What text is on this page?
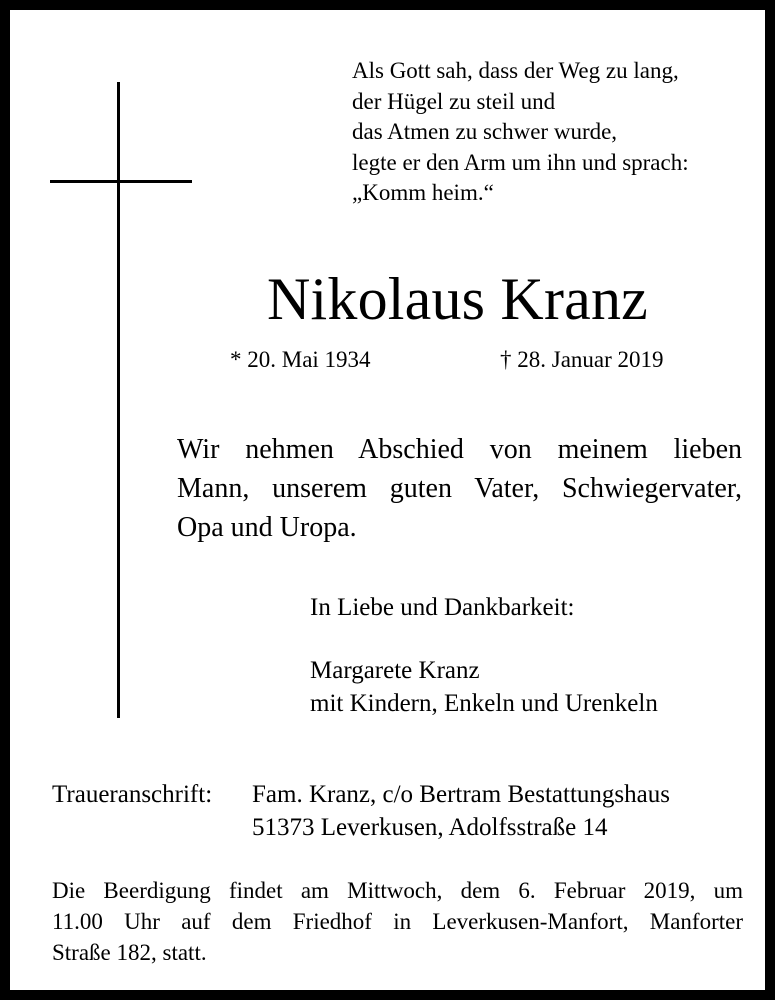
Als Gott sah, dass der Weg zu lang,
der Hügel zu steil und
das Atmen zu schwer wurde,
legte er den Arm um ihn und sprach:
„Komm heim.“
Nikolaus Kranz
* 20. Mai 1934	† 28. Januar 2019
Wir nehmen Abschied von meinem lieben
Mann, unserem guten Vater, Schwiegervater,
Opa und Uropa.
In Liebe und Dankbarkeit:
Margarete Kranz
mit Kindern, Enkeln und Urenkeln
Traueranschrift: Fam. Kranz, c/o Bertram Bestattungshaus
51373 Leverkusen, Adolfsstraße 14
Die Beerdigung findet am Mittwoch, dem 6. Februar 2019, um
11.00 Uhr auf dem Friedhof in Leverkusen-Manfort, Manforter
Straße 182, statt.
